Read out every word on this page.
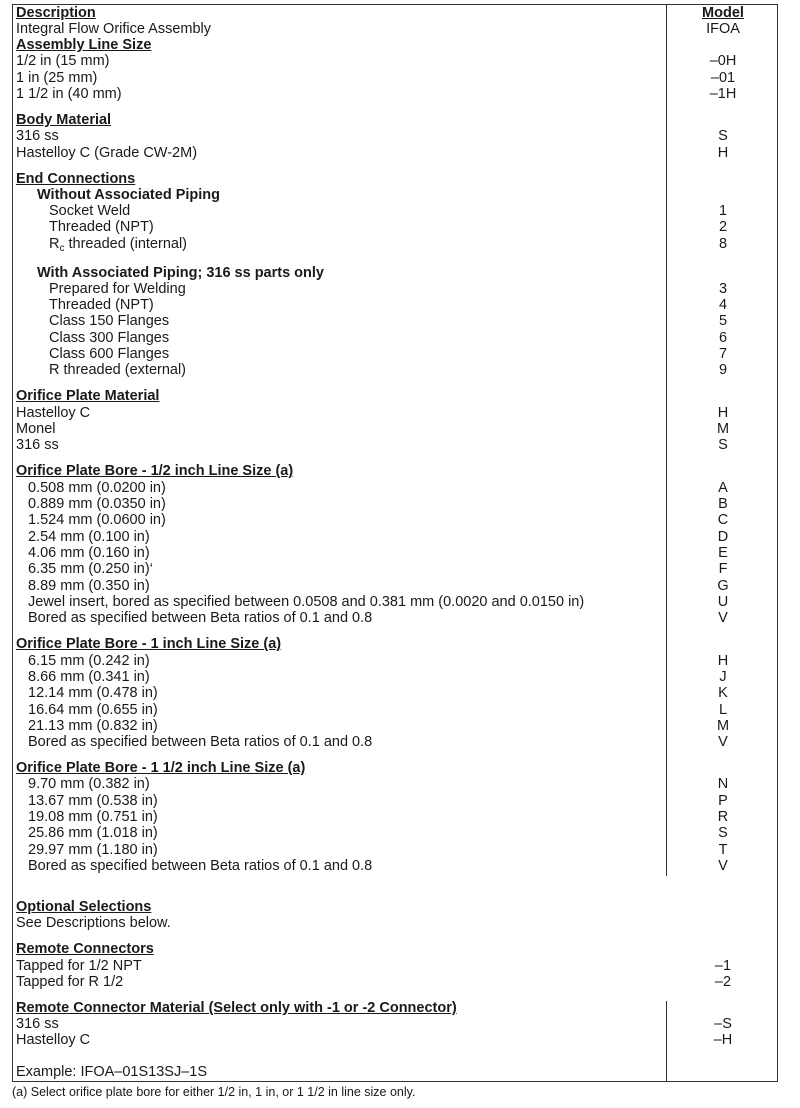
Description	Model
Integral Flow Orifice Assembly	IFOA
Assembly Line Size
1/2 in (15 mm)	–0H
1 in (25 mm)	–01
1 1/2 in (40 mm)	–1H
Body Material
316 ss	S
Hastelloy C (Grade CW-2M)	H
End Connections
Without Associated Piping
Socket Weld	1
Threaded (NPT)	2
$R_c$ threaded (internal)	8
With Associated Piping; 316 ss parts only
Prepared for Welding	3
Threaded (NPT)	4
Class 150 Flanges	5
Class 300 Flanges	6
Class 600 Flanges	7
R threaded (external)	9
Orifice Plate Material
Hastelloy C	H
Monel	M
316 ss	S
Orifice Plate Bore - 1/2 inch Line Size (a)
0.508 mm (0.0200 in)	A
0.889 mm (0.0350 in)	B
1.524 mm (0.0600 in)	C
2.54 mm (0.100 in)	D
4.06 mm (0.160 in)	E
6.35 mm (0.250 in)‘	F
8.89 mm (0.350 in)	G
Jewel insert, bored as specified between 0.0508 and 0.381 mm (0.0020 and 0.0150 in)	U
Bored as specified between Beta ratios of 0.1 and 0.8	V
Orifice Plate Bore - 1 inch Line Size (a)
6.15 mm (0.242 in)	H
8.66 mm (0.341 in)	J
12.14 mm (0.478 in)	K
16.64 mm (0.655 in)	L
21.13 mm (0.832 in)	M
Bored as specified between Beta ratios of 0.1 and 0.8	V
Orifice Plate Bore - 1 1/2 inch Line Size (a)
9.70 mm (0.382 in)	N
13.67 mm (0.538 in)	P
19.08 mm (0.751 in)	R
25.86 mm (1.018 in)	S
29.97 mm (1.180 in)	T
Bored as specified between Beta ratios of 0.1 and 0.8	V
Optional Selections
See Descriptions below.
Remote Connectors
Tapped for 1/2 NPT	–1
Tapped for R 1/2	–2
Remote Connector Material (Select only with -1 or -2 Connector)
316 ss	–S
Hastelloy C	–H
Example: IFOA–01S13SJ–1S
(a) Select orifice plate bore for either 1/2 in, 1 in, or 1 1/2 in line size only.
